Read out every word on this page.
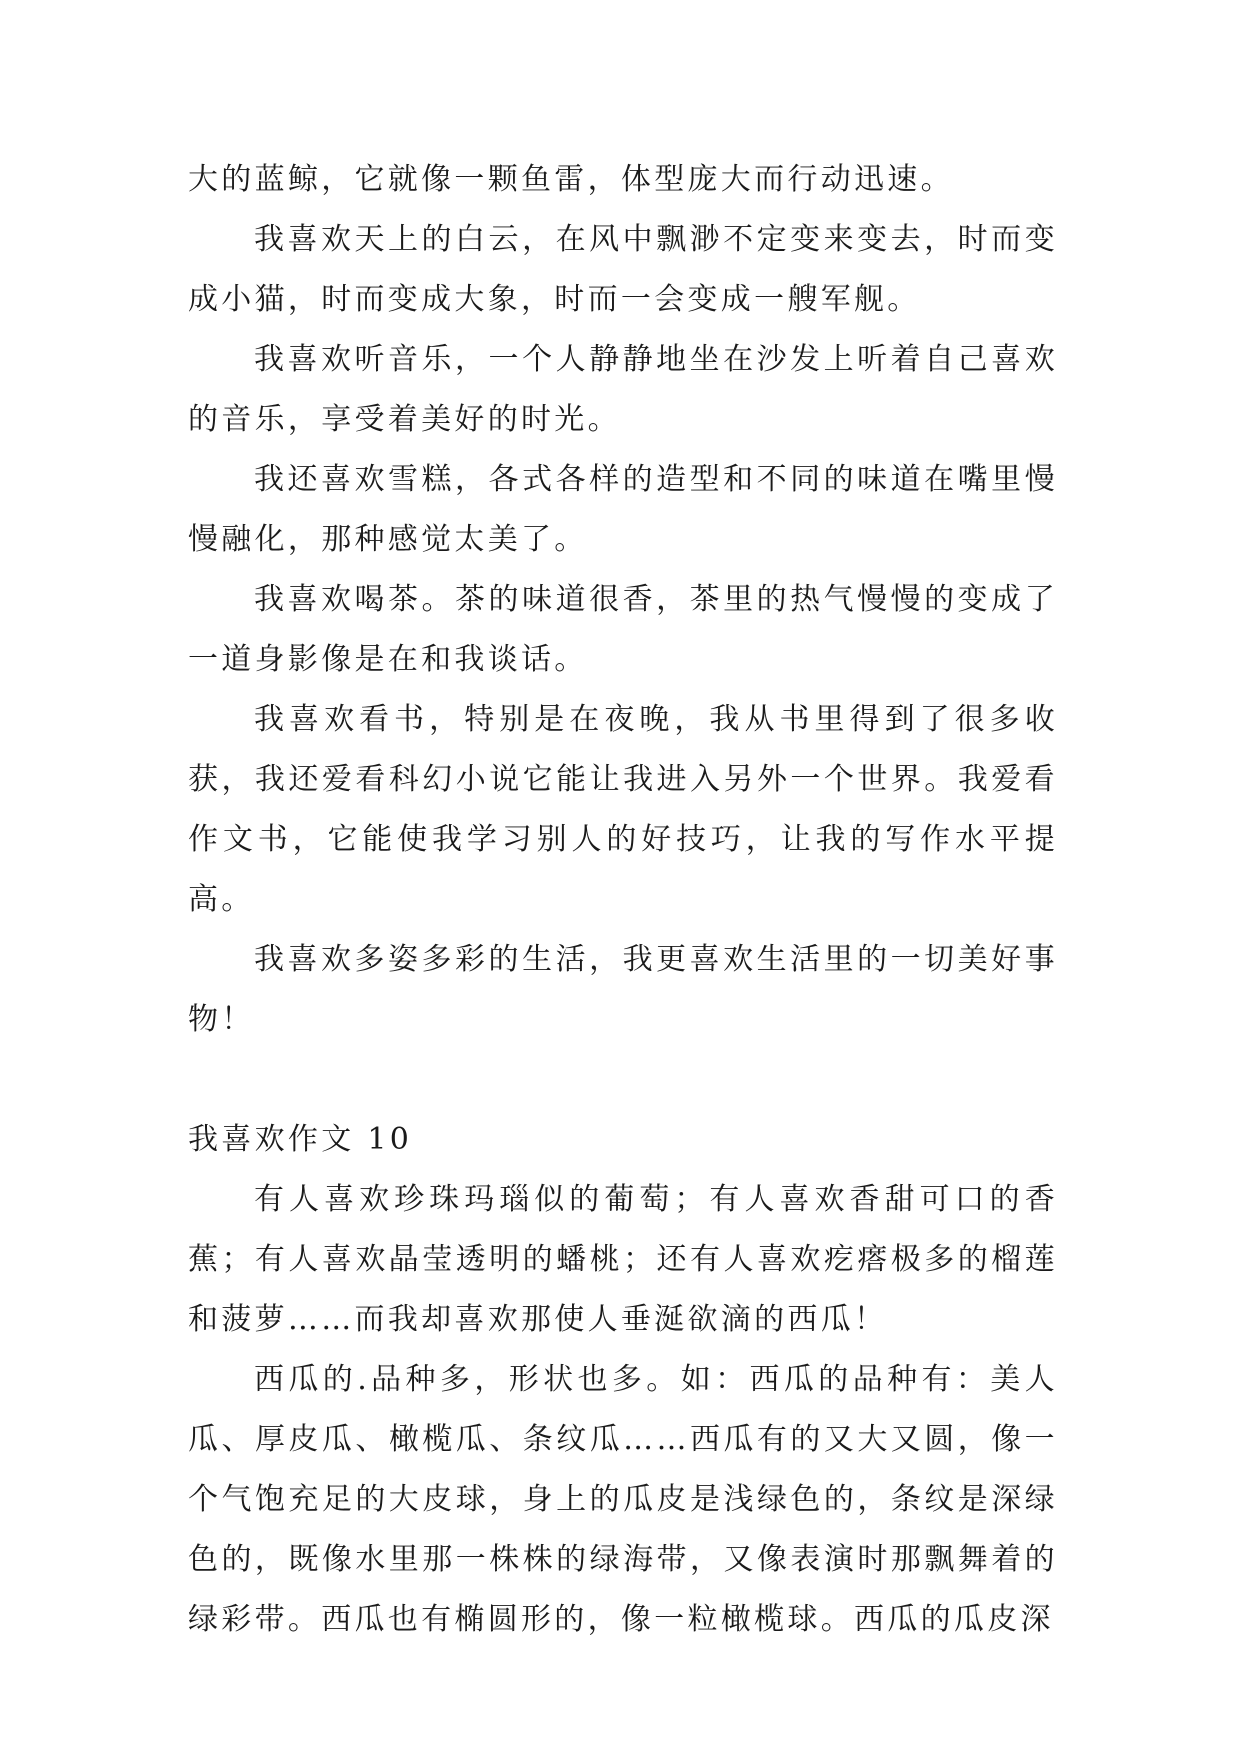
大的蓝鲸，它就像一颗鱼雷，体型庞大而行动迅速。

我喜欢天上的白云，在风中飘渺不定变来变去，时而变成小猫，时而变成大象，时而一会变成一艘军舰。

我喜欢听音乐，一个人静静地坐在沙发上听着自己喜欢的音乐，享受着美好的时光。

我还喜欢雪糕，各式各样的造型和不同的味道在嘴里慢慢融化，那种感觉太美了。

我喜欢喝茶。茶的味道很香，茶里的热气慢慢的变成了一道身影像是在和我谈话。

我喜欢看书，特别是在夜晚，我从书里得到了很多收获，我还爱看科幻小说它能让我进入另外一个世界。我爱看作文书，它能使我学习别人的好技巧，让我的写作水平提高。

我喜欢多姿多彩的生活，我更喜欢生活里的一切美好事物！

我喜欢作文 10

有人喜欢珍珠玛瑙似的葡萄；有人喜欢香甜可口的香蕉；有人喜欢晶莹透明的蟠桃；还有人喜欢疙瘩极多的榴莲和菠萝……而我却喜欢那使人垂涎欲滴的西瓜！

西瓜的.品种多，形状也多。如：西瓜的品种有：美人瓜、厚皮瓜、橄榄瓜、条纹瓜……西瓜有的又大又圆，像一个气饱充足的大皮球，身上的瓜皮是浅绿色的，条纹是深绿色的，既像水里那一株株的绿海带，又像表演时那飘舞着的绿彩带。西瓜也有椭圆形的，像一粒橄榄球。西瓜的瓜皮深
